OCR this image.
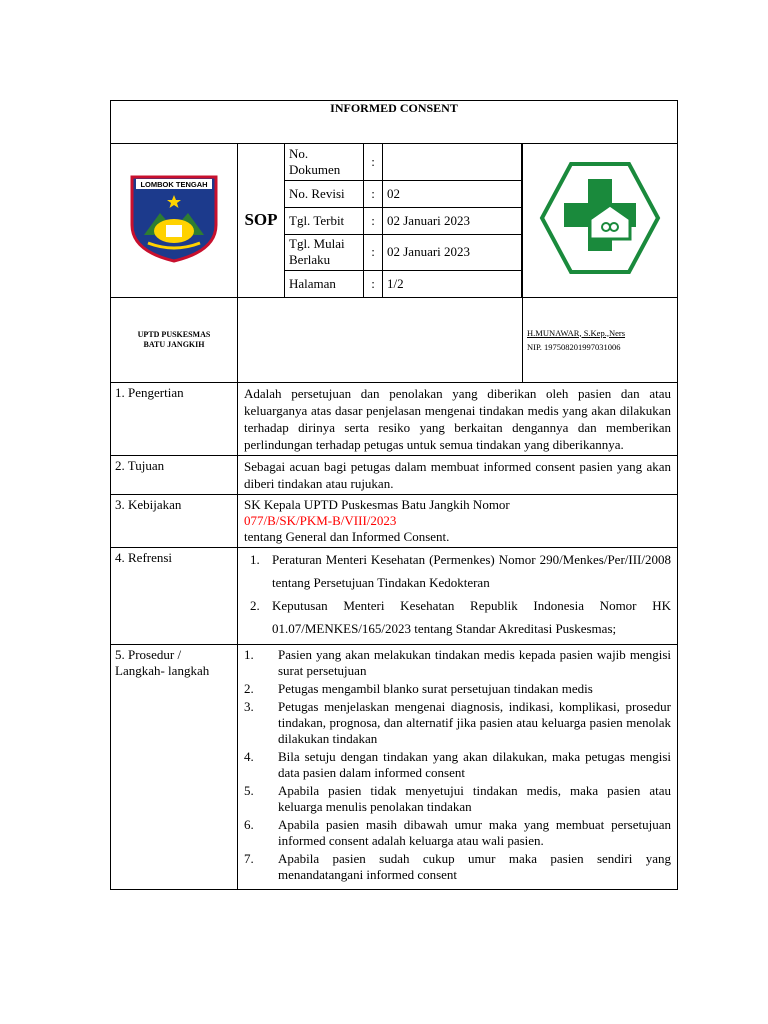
INFORMED CONSENT

LOMBOK TENGAH
	SOP	
No. Dokumen	:	
No. Revisi	:	02
Tgl. Terbit	:	02 Januari 2023
Tgl. Mulai Berlaku	:	02 Januari 2023
Halaman	:	1/2

UPTD PUSKESMAS
BATU JANGKIH

H.MUNAWAR, S.Kep.,Ners
NIP. 197508201997031006

1. Pengertian	Adalah persetujuan dan penolakan yang diberikan oleh pasien dan atau keluarganya atas dasar penjelasan mengenai tindakan medis yang akan dilakukan terhadap dirinya serta resiko yang berkaitan dengannya dan memberikan perlindungan terhadap petugas untuk semua tindakan yang diberikannya.
2. Tujuan	Sebagai acuan bagi petugas dalam membuat informed consent pasien yang akan diberi tindakan atau rujukan.
3. Kebijakan	SK Kepala UPTD Puskesmas Batu Jangkih Nomor
077/B/SK/PKM-B/VIII/2023
tentang General dan Informed Consent.

4. Refrensi	1. Peraturan Menteri Kesehatan (Permenkes) Nomor 290/Menkes/Per/III/2008 tentang Persetujuan Tindakan Kedokteran
2. Keputusan Menteri Kesehatan Republik Indonesia Nomor HK 01.07/MENKES/165/2023 tentang Standar Akreditasi Puskesmas;

5. Prosedur / Langkah- langkah	
1.	Pasien yang akan melakukan tindakan medis kepada pasien wajib mengisi surat persetujuan
2.	Petugas mengambil blanko surat persetujuan tindakan medis
3.	Petugas menjelaskan mengenai diagnosis, indikasi, komplikasi, prosedur tindakan, prognosa, dan alternatif jika pasien atau keluarga pasien menolak dilakukan tindakan
4.	Bila setuju dengan tindakan yang akan dilakukan, maka petugas mengisi data pasien dalam informed consent
5.	Apabila pasien tidak menyetujui tindakan medis, maka pasien atau keluarga menulis penolakan tindakan
6.	Apabila pasien masih dibawah umur maka yang membuat persetujuan informed consent adalah keluarga atau wali pasien.
7.	Apabila pasien sudah cukup umur maka pasien sendiri yang menandatangani informed consent
